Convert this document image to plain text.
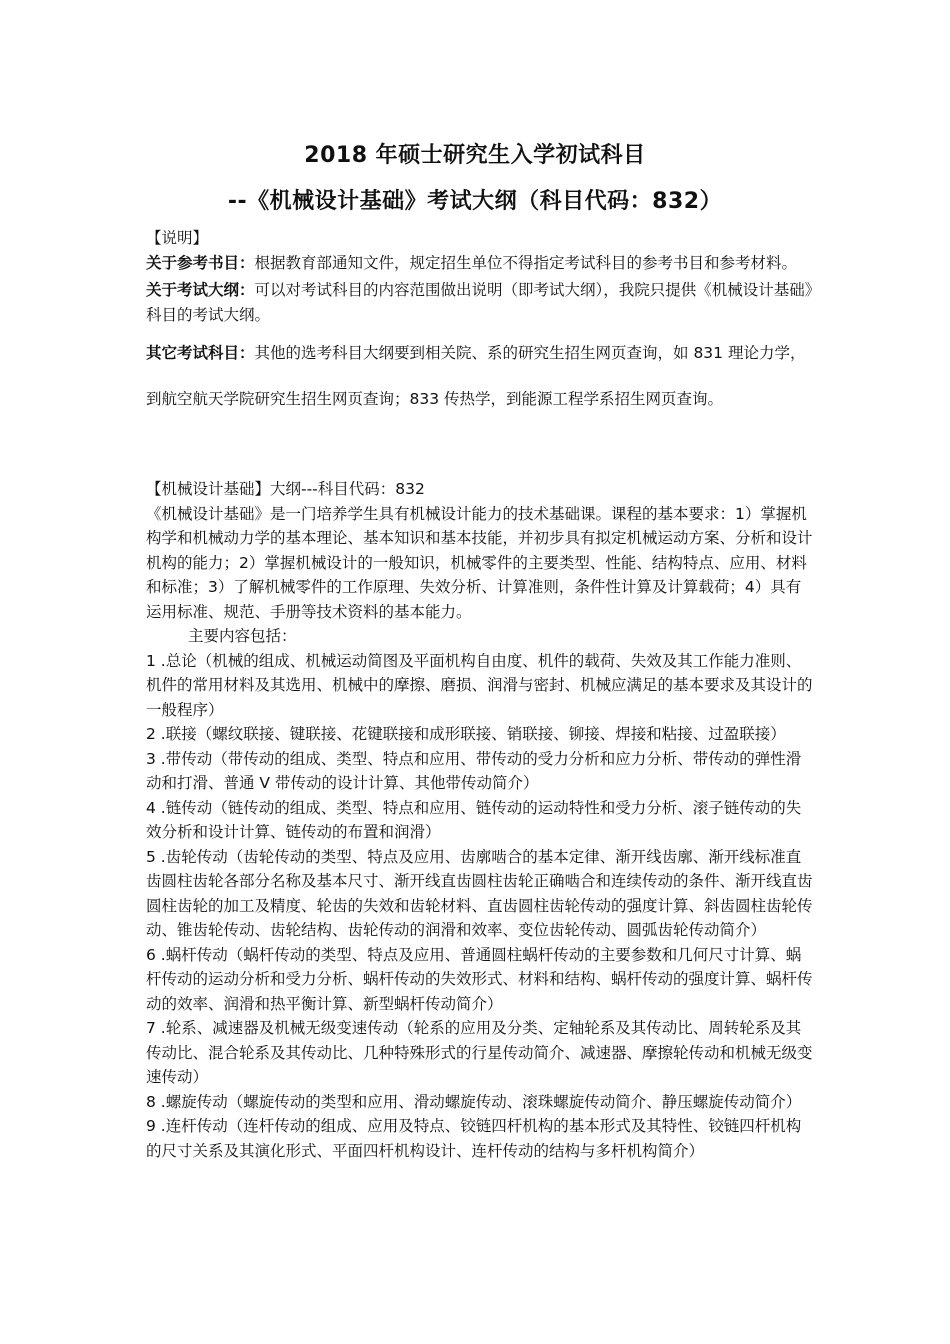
2018 年硕士研究生入学初试科目
--《机械设计基础》考试大纲（科目代码：832）

【说明】

关于参考书目：根据教育部通知文件，规定招生单位不得指定考试科目的参考书目和参考材料。

关于考试大纲：可以对考试科目的内容范围做出说明（即考试大纲），我院只提供《机械设计基础》科目的考试大纲。

其它考试科目：其他的选考科目大纲要到相关院、系的研究生招生网页查询，如 831 理论力学，到航空航天学院研究生招生网页查询；833 传热学，到能源工程学系招生网页查询。

【机械设计基础】大纲---科目代码：832

《机械设计基础》是一门培养学生具有机械设计能力的技术基础课。课程的基本要求：1）掌握机构学和机械动力学的基本理论、基本知识和基本技能，并初步具有拟定机械运动方案、分析和设计机构的能力；2）掌握机械设计的一般知识，机械零件的主要类型、性能、结构特点、应用、材料和标准；3）了解机械零件的工作原理、失效分析、计算准则，条件性计算及计算载荷；4）具有运用标准、规范、手册等技术资料的基本能力。

主要内容包括：

1 .总论（机械的组成、机械运动简图及平面机构自由度、机件的载荷、失效及其工作能力准则、机件的常用材料及其选用、机械中的摩擦、磨损、润滑与密封、机械应满足的基本要求及其设计的一般程序）

2 .联接（螺纹联接、键联接、花键联接和成形联接、销联接、铆接、焊接和粘接、过盈联接）

3 .带传动（带传动的组成、类型、特点和应用、带传动的受力分析和应力分析、带传动的弹性滑动和打滑、普通 V 带传动的设计计算、其他带传动简介）

4 .链传动（链传动的组成、类型、特点和应用、链传动的运动特性和受力分析、滚子链传动的失效分析和设计计算、链传动的布置和润滑）

5 .齿轮传动（齿轮传动的类型、特点及应用、齿廓啮合的基本定律、渐开线齿廓、渐开线标准直齿圆柱齿轮各部分名称及基本尺寸、渐开线直齿圆柱齿轮正确啮合和连续传动的条件、渐开线直齿圆柱齿轮的加工及精度、轮齿的失效和齿轮材料、直齿圆柱齿轮传动的强度计算、斜齿圆柱齿轮传动、锥齿轮传动、齿轮结构、齿轮传动的润滑和效率、变位齿轮传动、圆弧齿轮传动简介）

6 .蜗杆传动（蜗杆传动的类型、特点及应用、普通圆柱蜗杆传动的主要参数和几何尺寸计算、蜗杆传动的运动分析和受力分析、蜗杆传动的失效形式、材料和结构、蜗杆传动的强度计算、蜗杆传动的效率、润滑和热平衡计算、新型蜗杆传动简介）

7 .轮系、减速器及机械无级变速传动（轮系的应用及分类、定轴轮系及其传动比、周转轮系及其传动比、混合轮系及其传动比、几种特殊形式的行星传动简介、减速器、摩擦轮传动和机械无级变速传动）

8 .螺旋传动（螺旋传动的类型和应用、滑动螺旋传动、滚珠螺旋传动简介、静压螺旋传动简介）

9 .连杆传动（连杆传动的组成、应用及特点、铰链四杆机构的基本形式及其特性、铰链四杆机构的尺寸关系及其演化形式、平面四杆机构设计、连杆传动的结构与多杆机构简介）
